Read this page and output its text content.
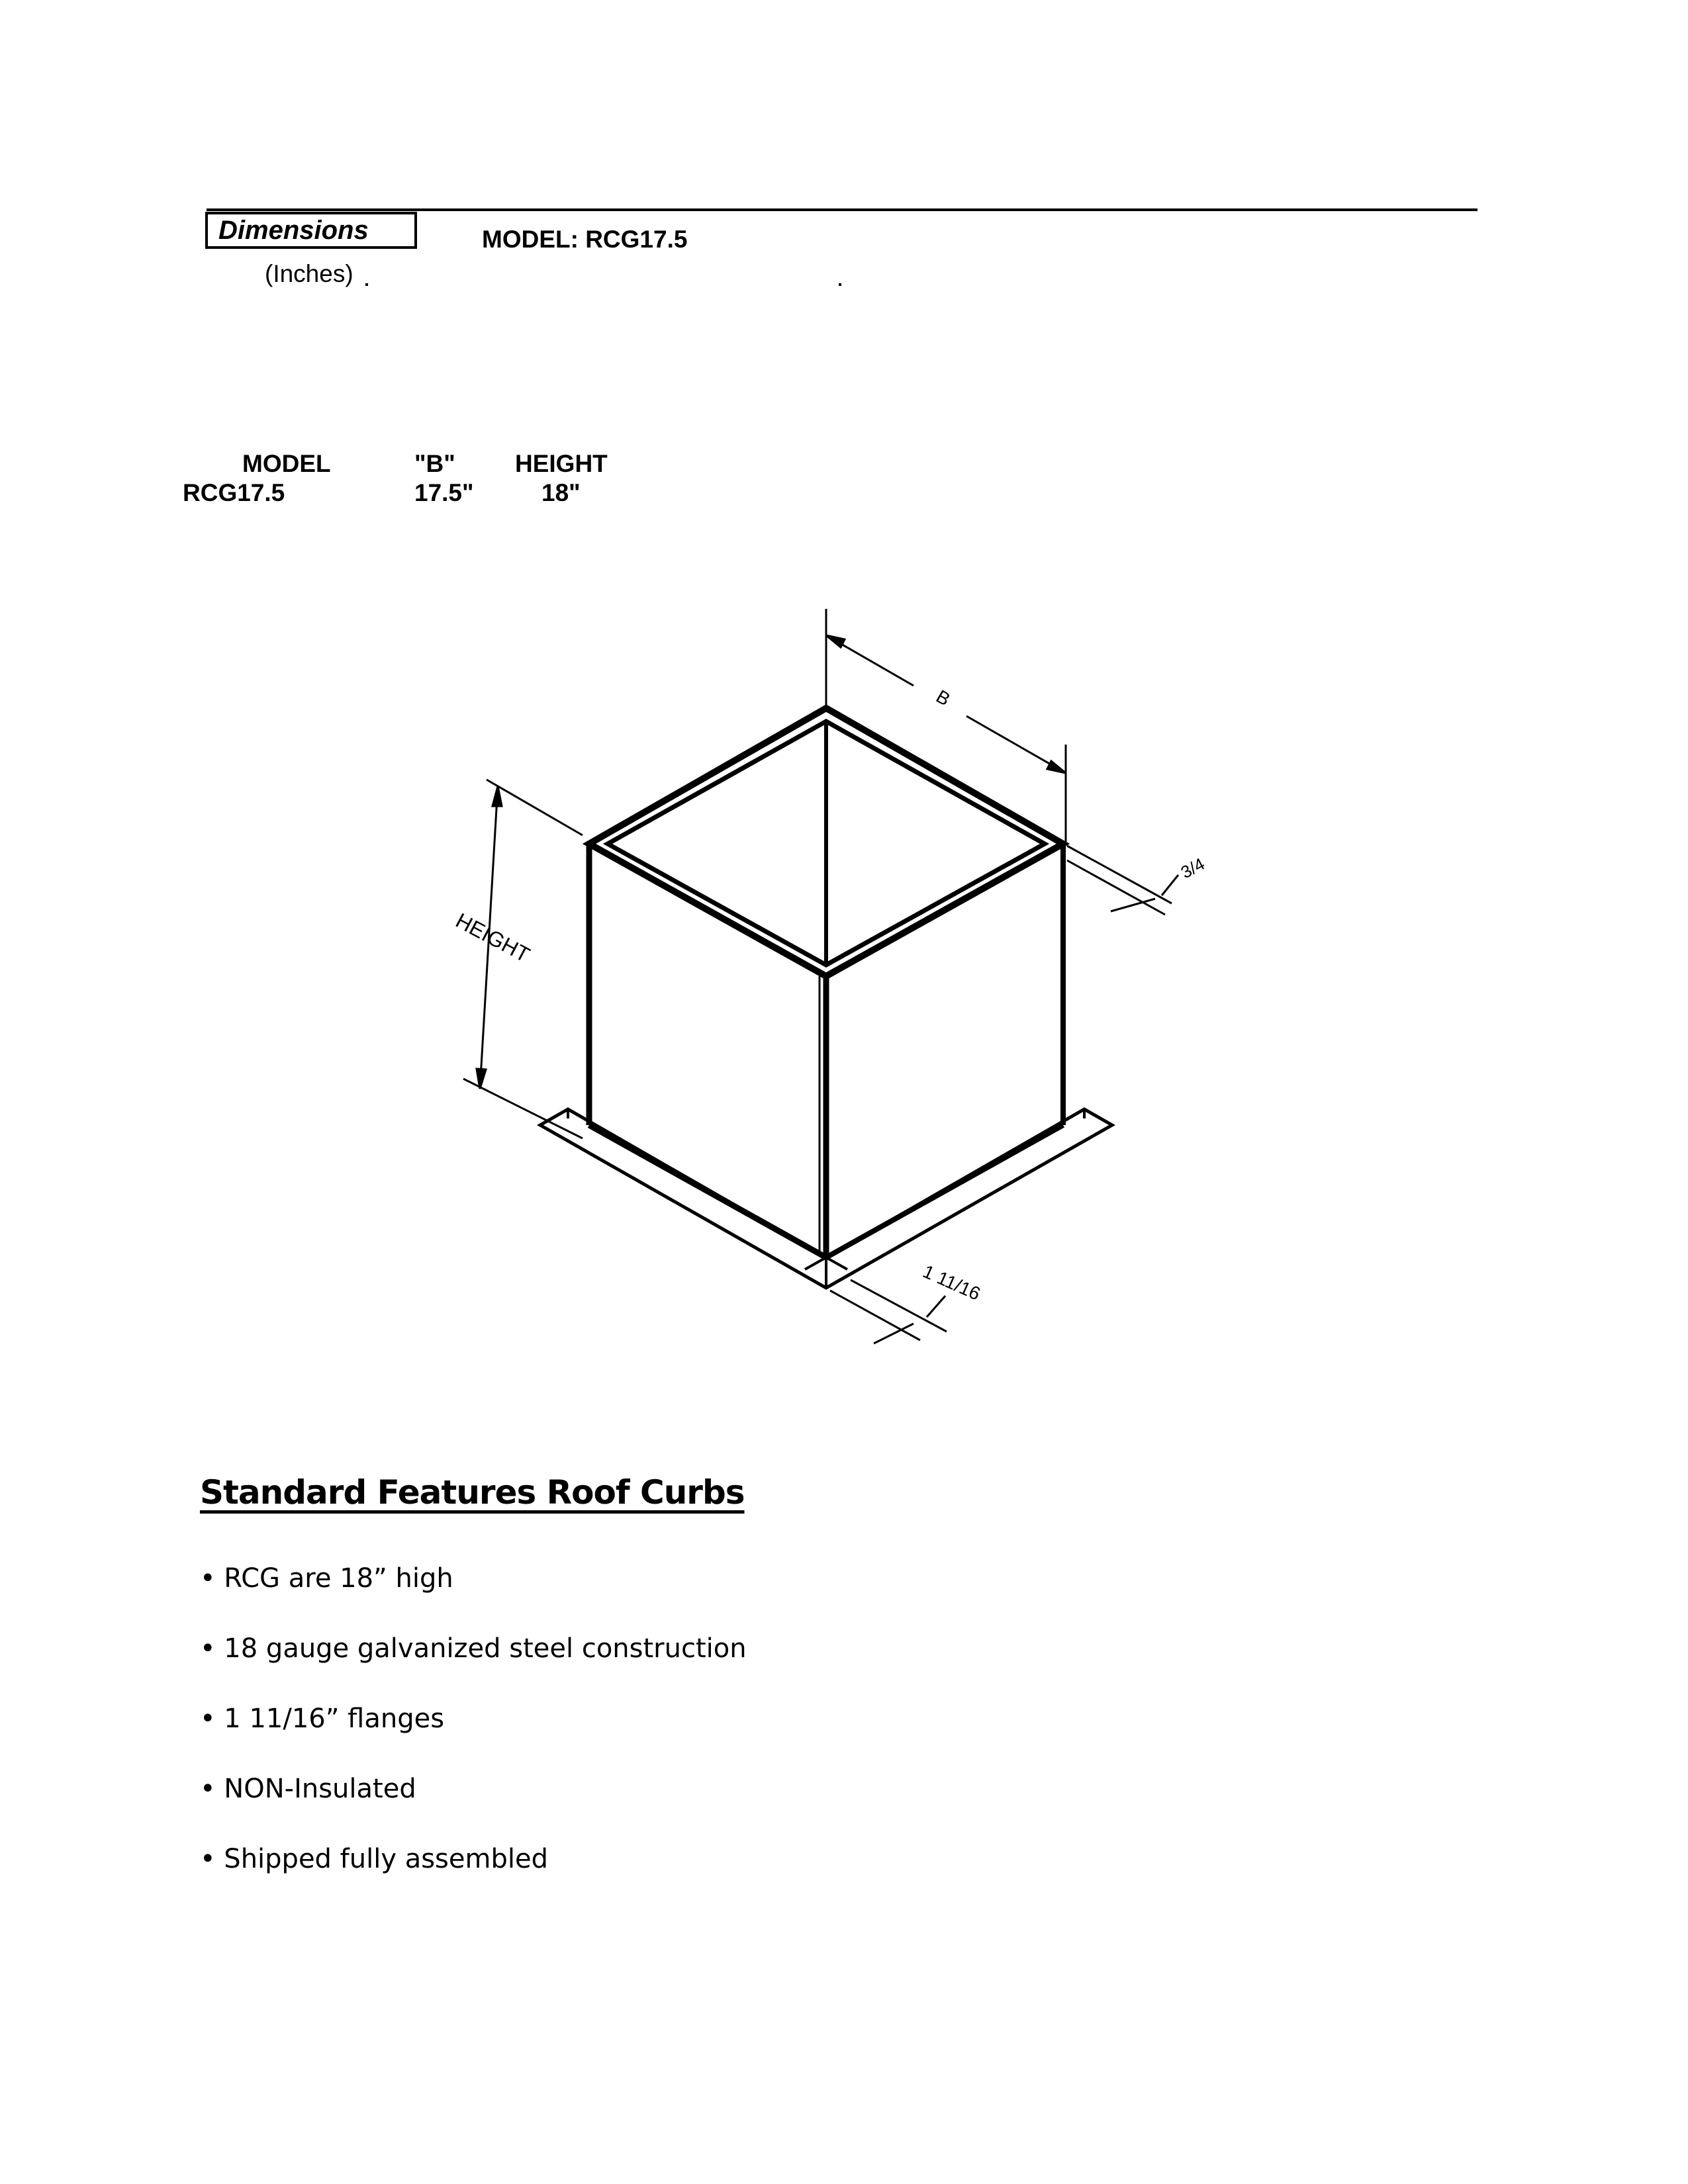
Dimensions
(Inches)
MODEL: RCG17.5
MODEL	"B" HEIGHT
RCG17.5	17.5"	18"
B
HEIGHT
3/4
1 11/16
Standard Features Roof Curbs
• RCG are 18” high
• 18 gauge galvanized steel construction
• 1 11/16” flanges
• NON-Insulated
• Shipped fully assembled
